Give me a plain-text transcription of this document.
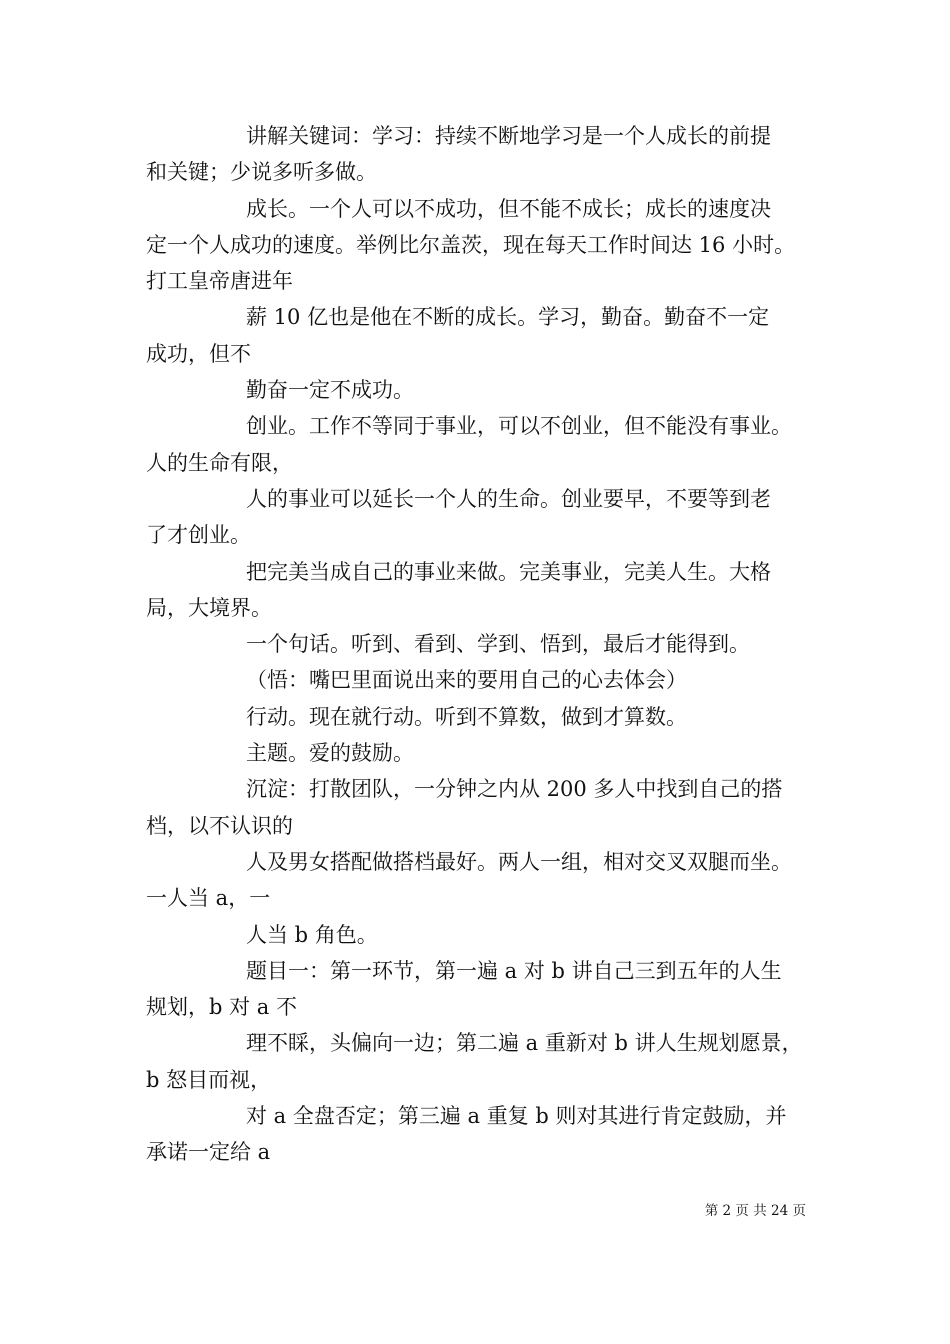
讲解关键词：学习：持续不断地学习是一个人成长的前提
和关键；少说多听多做。
成长。一个人可以不成功，但不能不成长；成长的速度决
定一个人成功的速度。举例比尔盖茨，现在每天工作时间达 16 小时。
打工皇帝唐进年
薪 10 亿也是他在不断的成长。学习，勤奋。勤奋不一定
成功，但不
勤奋一定不成功。
创业。工作不等同于事业，可以不创业，但不能没有事业。
人的生命有限，
人的事业可以延长一个人的生命。创业要早，不要等到老
了才创业。
把完美当成自己的事业来做。完美事业，完美人生。大格
局，大境界。
一个句话。听到、看到、学到、悟到，最后才能得到。
（悟：嘴巴里面说出来的要用自己的心去体会）
行动。现在就行动。听到不算数，做到才算数。
主题。爱的鼓励。
沉淀：打散团队，一分钟之内从 200 多人中找到自己的搭
档，以不认识的
人及男女搭配做搭档最好。两人一组，相对交叉双腿而坐。
一人当 a，一
人当 b 角色。
题目一：第一环节，第一遍 a 对 b 讲自己三到五年的人生
规划，b 对 a 不
理不睬，头偏向一边；第二遍 a 重新对 b 讲人生规划愿景，
b 怒目而视，
对 a 全盘否定；第三遍 a 重复 b 则对其进行肯定鼓励，并
承诺一定给 a
第 2 页 共 24 页
